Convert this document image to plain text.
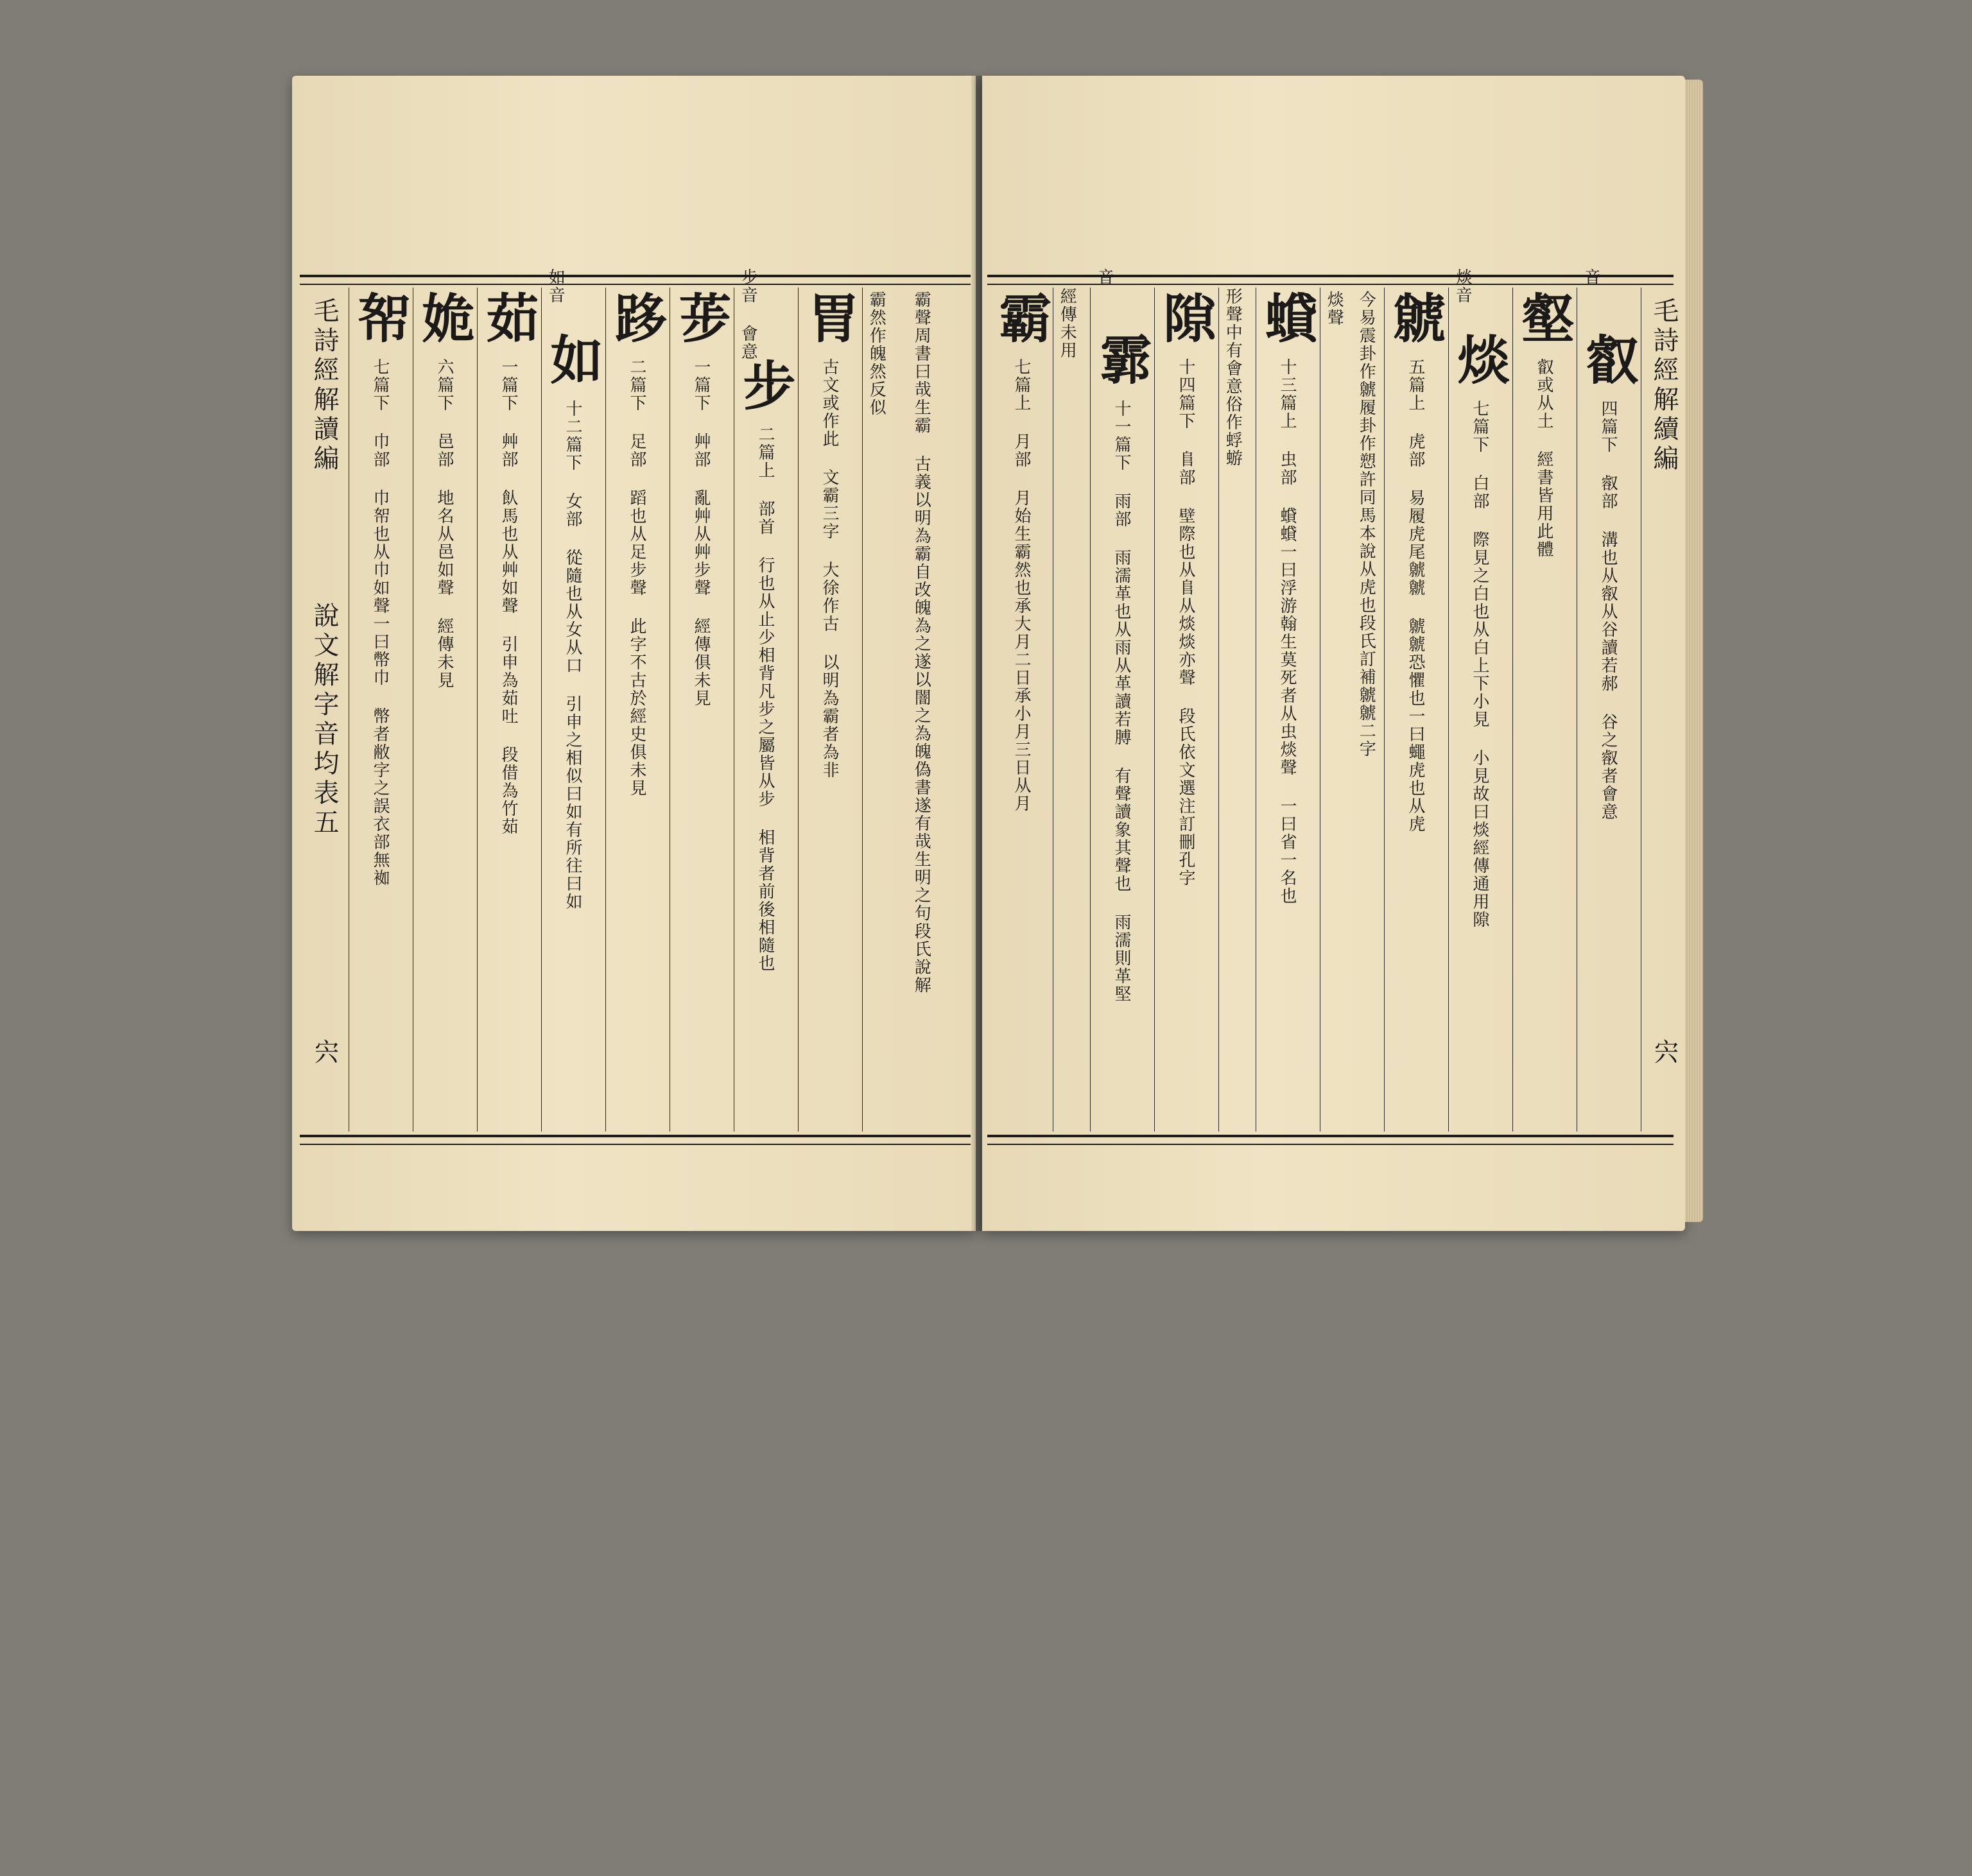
毛詩經解讀編
說文解字音均表五
宍
帤 七篇下 巾部 巾帤也从巾如聲一曰幣巾 幣者敝字之誤衣部無袽
姽 六篇下 邑部 地名从邑如聲 經傳未見
茹 一篇下 艸部 飤馬也从艸如聲 引申為茹吐 段借為竹茹
如音
如 十二篇下 女部 從隨也从女从口 引申之相似曰如有所往曰如
跢 二篇下 足部 蹈也从足步聲 此字不古於經史俱未見
荹 一篇下 艸部 亂艸从艸步聲 經傳俱未見
步音 會意
步 二篇上 部首 行也从止少相背凡步之屬皆从步 相背者前後相隨也
胃 古文或作此 文霸三字 大徐作古 以明為霸者為非
霸然作魄然反似 霸聲周書曰哉生霸 古義以明為霸自改魄為之遂以闇之為魄偽書遂有哉生明之句段氏說解 霸 七篇上 月部 月始生霸然也承大月二日承小月三日从月
經傳未用
音
霩 十一篇下 雨部 雨濡革也从雨从革讀若膊 有聲讀象其聲也 雨濡則革堅
隙 十四篇下 𨸏部 壁際也从𨸏从㷋㷋亦聲 段氏依文選注訂刪孔字	形聲中有會意俗作蜉蝣 蟘 十三篇上 虫部 蟘蟘一曰浮游翰生莫死者从虫㷋聲 一曰省一名也
㷋聲 今易震卦作虩履卦作愬許同馬本說从虎也段氏訂補虩虩二字 虩 五篇上 虎部 易履虎尾虩虩 虩虩恐懼也一曰蠅虎也从虎
㷋音
㷋 七篇下 白部 際見之白也从白上下小見 小見故曰㷋經傳通用隙
壑 叡或从土 經書皆用此體
音
叡 四篇下 㕡部 溝也从㕡从谷讀若郝 谷之㕡者會意
毛詩經解續編
宍
